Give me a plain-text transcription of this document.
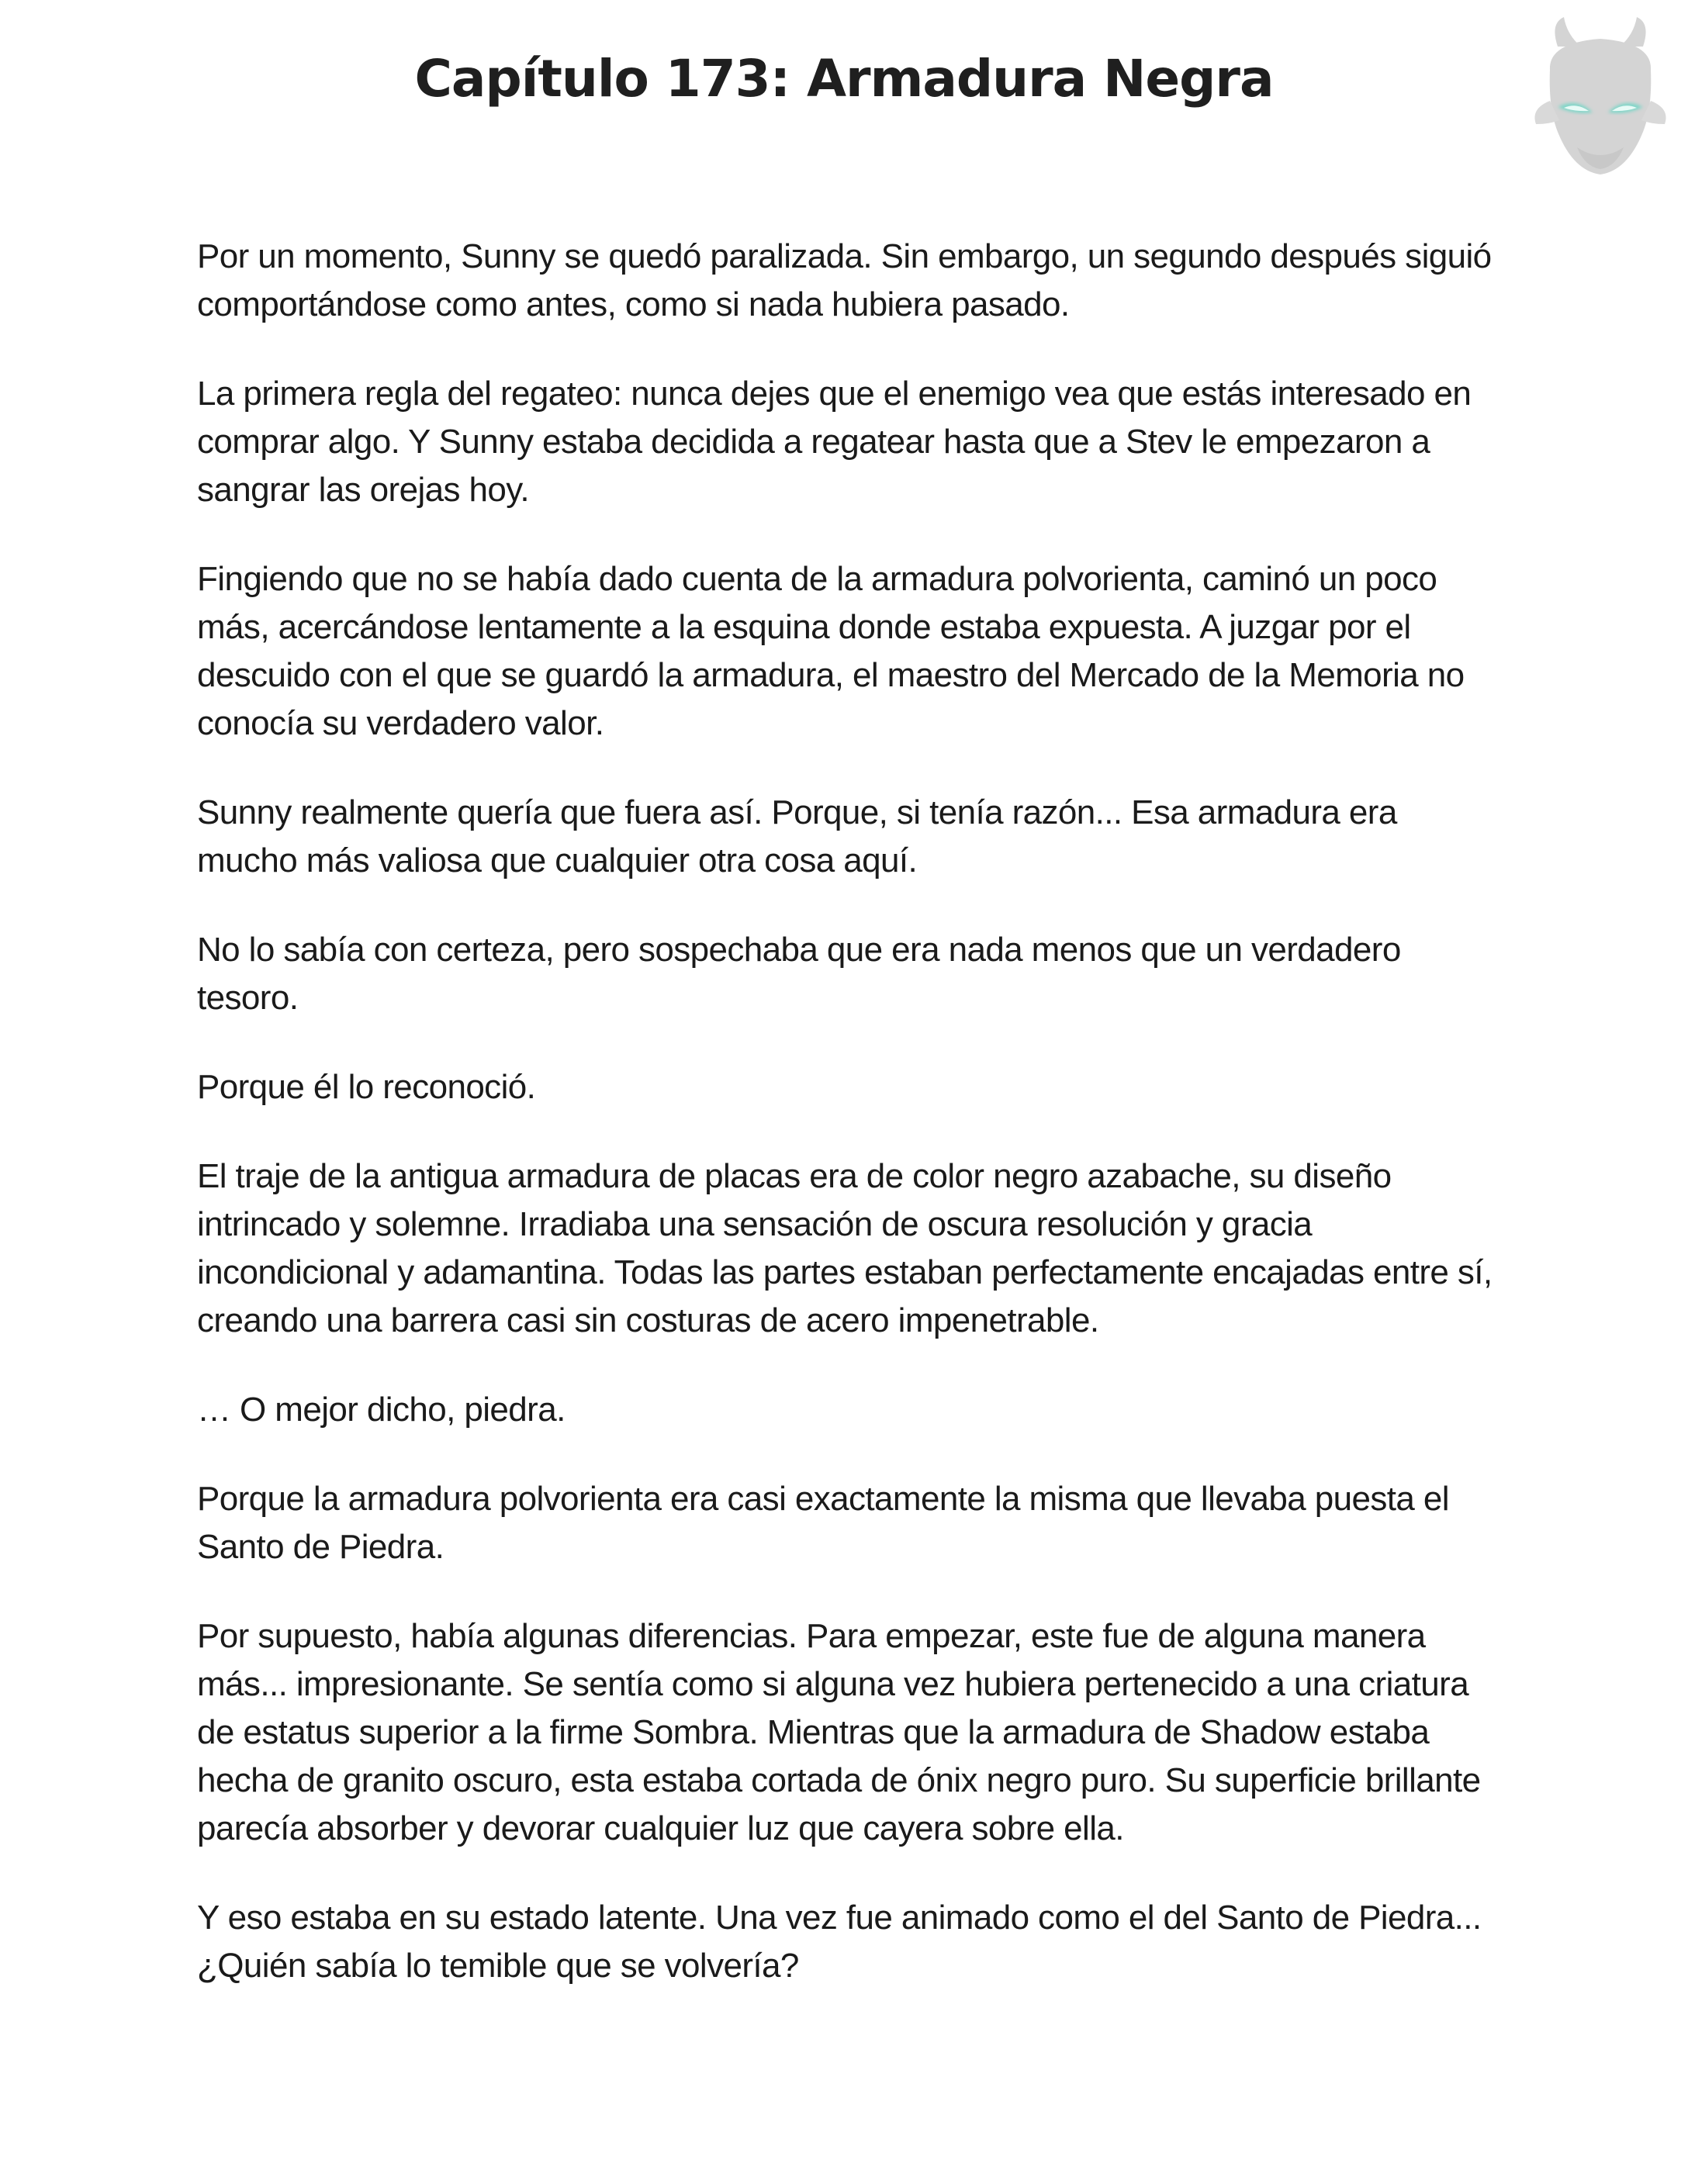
Capítulo 173: Armadura Negra

Por un momento, Sunny se quedó paralizada. Sin embargo, un segundo después siguió comportándose como antes, como si nada hubiera pasado.

La primera regla del regateo: nunca dejes que el enemigo vea que estás interesado en comprar algo. Y Sunny estaba decidida a regatear hasta que a Stev le empezaron a sangrar las orejas hoy.

Fingiendo que no se había dado cuenta de la armadura polvorienta, caminó un poco más, acercándose lentamente a la esquina donde estaba expuesta. A juzgar por el descuido con el que se guardó la armadura, el maestro del Mercado de la Memoria no conocía su verdadero valor.

Sunny realmente quería que fuera así. Porque, si tenía razón... Esa armadura era mucho más valiosa que cualquier otra cosa aquí.

No lo sabía con certeza, pero sospechaba que era nada menos que un verdadero tesoro.

Porque él lo reconoció.

El traje de la antigua armadura de placas era de color negro azabache, su diseño intrincado y solemne. Irradiaba una sensación de oscura resolución y gracia incondicional y adamantina. Todas las partes estaban perfectamente encajadas entre sí, creando una barrera casi sin costuras de acero impenetrable.

… O mejor dicho, piedra.

Porque la armadura polvorienta era casi exactamente la misma que llevaba puesta el Santo de Piedra.

Por supuesto, había algunas diferencias. Para empezar, este fue de alguna manera más... impresionante. Se sentía como si alguna vez hubiera pertenecido a una criatura de estatus superior a la firme Sombra. Mientras que la armadura de Shadow estaba hecha de granito oscuro, esta estaba cortada de ónix negro puro. Su superficie brillante parecía absorber y devorar cualquier luz que cayera sobre ella.

Y eso estaba en su estado latente. Una vez fue animado como el del Santo de Piedra... ¿Quién sabía lo temible que se volvería?
